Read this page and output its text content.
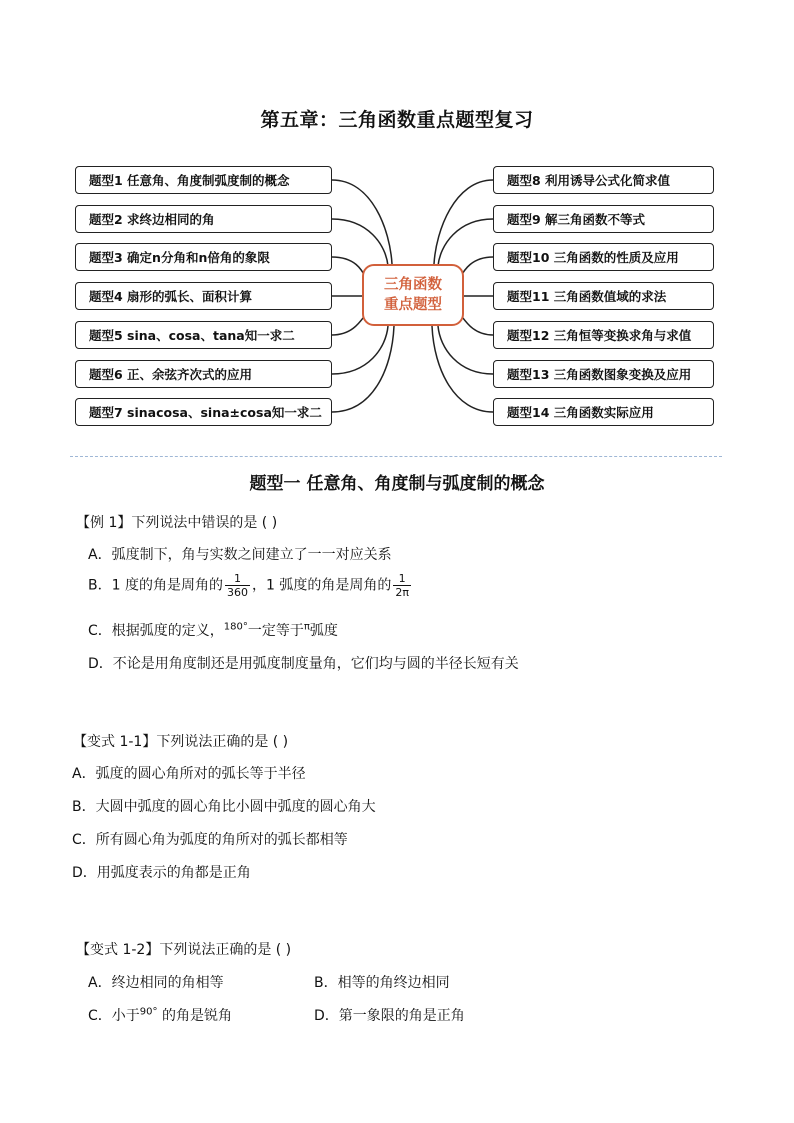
第五章：三角函数重点题型复习
题型1 任意角、角度制弧度制的概念
题型2 求终边相同的角
题型3 确定n分角和n倍角的象限
题型4 扇形的弧长、面积计算
题型5 sina、cosa、tana知一求二
题型6 正、余弦齐次式的应用
题型7 sinacosa、sina±cosa知一求二
题型8 利用诱导公式化简求值
题型9 解三角函数不等式
题型10 三角函数的性质及应用
题型11 三角函数值域的求法
题型12 三角恒等变换求角与求值
题型13 三角函数图象变换及应用
题型14 三角函数实际应用
三角函数
重点题型
题型一 任意角、角度制与弧度制的概念
【例 1】下列说法中错误的是 ( )
A．弧度制下，角与实数之间建立了一一对应关系
B．1 度的角是周角的 $\frac{1}{360}$ ，1 弧度的角是周角的 $\frac{1}{2\pi}$
C．根据弧度的定义，$^{180^\circ}$一定等于$^\pi$弧度
D．不论是用角度制还是用弧度制度量角，它们均与圆的半径长短有关
【变式 1-1】下列说法正确的是 ( )
A．弧度的圆心角所对的弧长等于半径
B．大圆中弧度的圆心角比小圆中弧度的圆心角大
C．所有圆心角为弧度的角所对的弧长都相等
D．用弧度表示的角都是正角
【变式 1-2】下列说法正确的是 ( )
A．终边相同的角相等	B．相等的角终边相同
C．小于$^{90^\circ}$ 的角是锐角	D．第一象限的角是正角
